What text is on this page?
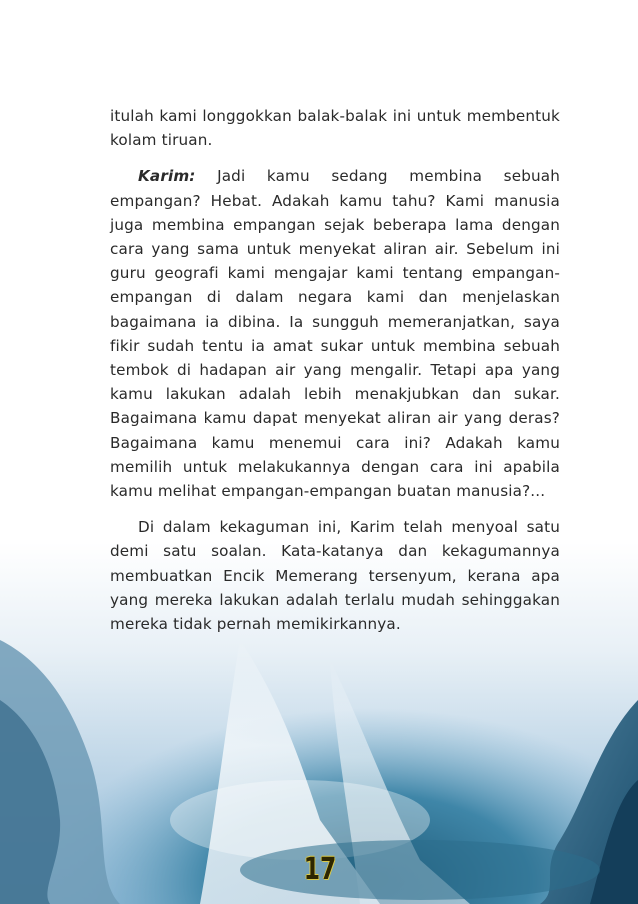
itulah kami longgokkan balak-balak ini untuk membentuk kolam tiruan.

Karim: Jadi kamu sedang membina sebuah empangan? Hebat. Adakah kamu tahu? Kami manusia juga membina empangan sejak beberapa lama dengan cara yang sama untuk menyekat aliran air. Sebelum ini guru geografi kami mengajar kami tentang empangan-empangan di dalam negara kami dan menjelaskan bagaimana ia dibina. Ia sungguh memeranjatkan, saya fikir sudah tentu ia amat sukar untuk membina sebuah tembok di hadapan air yang mengalir. Tetapi apa yang kamu lakukan adalah lebih menakjubkan dan sukar. Bagaimana kamu dapat menyekat aliran air yang deras? Bagaimana kamu menemui cara ini? Adakah kamu memilih untuk melakukannya dengan cara ini apabila kamu melihat empangan-empangan buatan manusia?...

Di dalam kekaguman ini, Karim telah menyoal satu demi satu soalan. Kata-katanya dan kekagumannya membuatkan Encik Memerang tersenyum, kerana apa yang mereka lakukan adalah terlalu mudah sehinggakan mereka tidak pernah memikirkannya.

17
